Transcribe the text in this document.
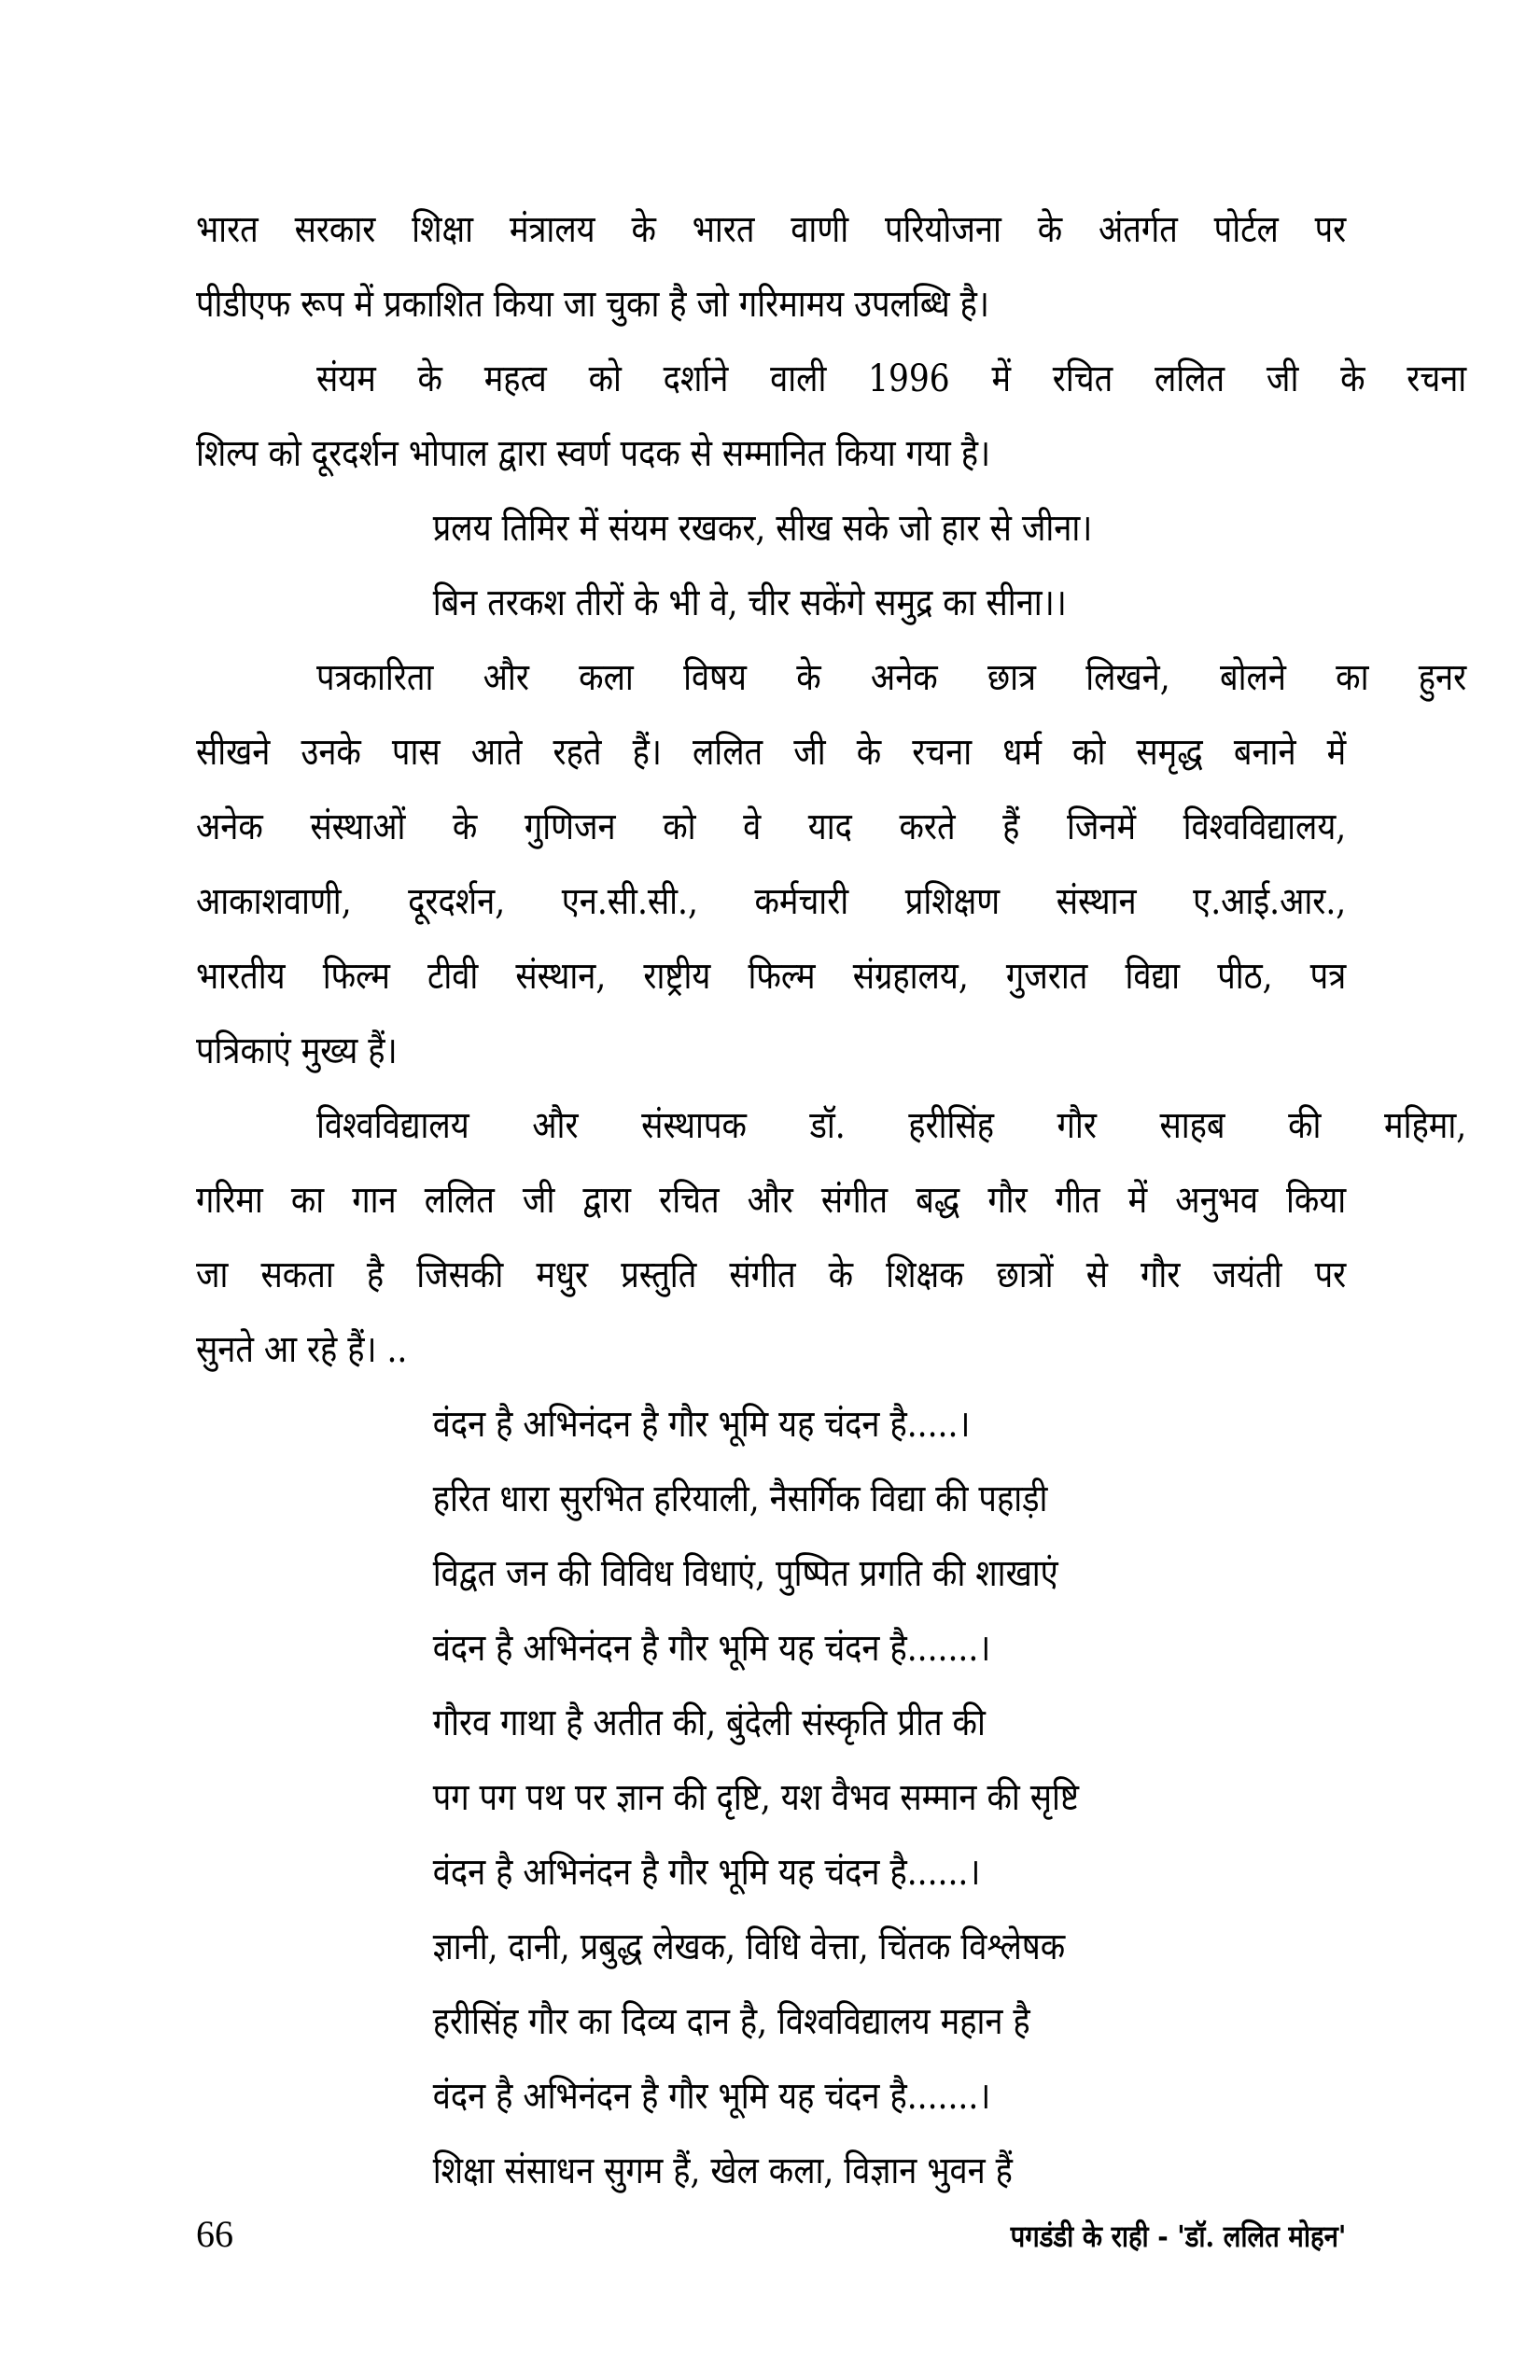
भारत सरकार शिक्षा मंत्रालय के भारत वाणी परियोजना के अंतर्गत पोर्टल पर
पीडीएफ रूप में प्रकाशित किया जा चुका है जो गरिमामय उपलब्धि है।
संयम के महत्व को दर्शाने वाली 1996 में रचित ललित जी के रचना
शिल्प को दूरदर्शन भोपाल द्वारा स्वर्ण पदक से सम्मानित किया गया है।
प्रलय तिमिर में संयम रखकर, सीख सके जो हार से जीना।
बिन तरकश तीरों के भी वे, चीर सकेंगे समुद्र का सीना।।
पत्रकारिता और कला विषय के अनेक छात्र लिखने, बोलने का हुनर
सीखने उनके पास आते रहते हैं। ललित जी के रचना धर्म को समृद्ध बनाने में
अनेक संस्थाओं के गुणिजन को वे याद करते हैं जिनमें विश्वविद्यालय,
आकाशवाणी, दूरदर्शन, एन.सी.सी., कर्मचारी प्रशिक्षण संस्थान ए.आई.आर.,
भारतीय फिल्म टीवी संस्थान, राष्ट्रीय फिल्म संग्रहालय, गुजरात विद्या पीठ, पत्र
पत्रिकाएं मुख्य हैं।
विश्वविद्यालय और संस्थापक डॉ. हरीसिंह गौर साहब की महिमा,
गरिमा का गान ललित जी द्वारा रचित और संगीत बद्ध गौर गीत में अनुभव किया
जा सकता है जिसकी मधुर प्रस्तुति संगीत के शिक्षक छात्रों से गौर जयंती पर
सुनते आ रहे हैं। ..
वंदन है अभिनंदन है गौर भूमि यह चंदन है.....।
हरित धारा सुरभित हरियाली, नैसर्गिक विद्या की पहाड़ी
विद्वत जन की विविध विधाएं, पुष्पित प्रगति की शाखाएं
वंदन है अभिनंदन है गौर भूमि यह चंदन है.......।
गौरव गाथा है अतीत की, बुंदेली संस्कृति प्रीत की
पग पग पथ पर ज्ञान की दृष्टि, यश वैभव सम्मान की सृष्टि
वंदन है अभिनंदन है गौर भूमि यह चंदन है......।
ज्ञानी, दानी, प्रबुद्ध लेखक, विधि वेत्ता, चिंतक विश्लेषक
हरीसिंह गौर का दिव्य दान है, विश्वविद्यालय महान है
वंदन है अभिनंदन है गौर भूमि यह चंदन है.......।
शिक्षा संसाधन सुगम हैं, खेल कला, विज्ञान भुवन हैं
66	पगडंडी के राही - 'डॉ. ललित मोहन'
